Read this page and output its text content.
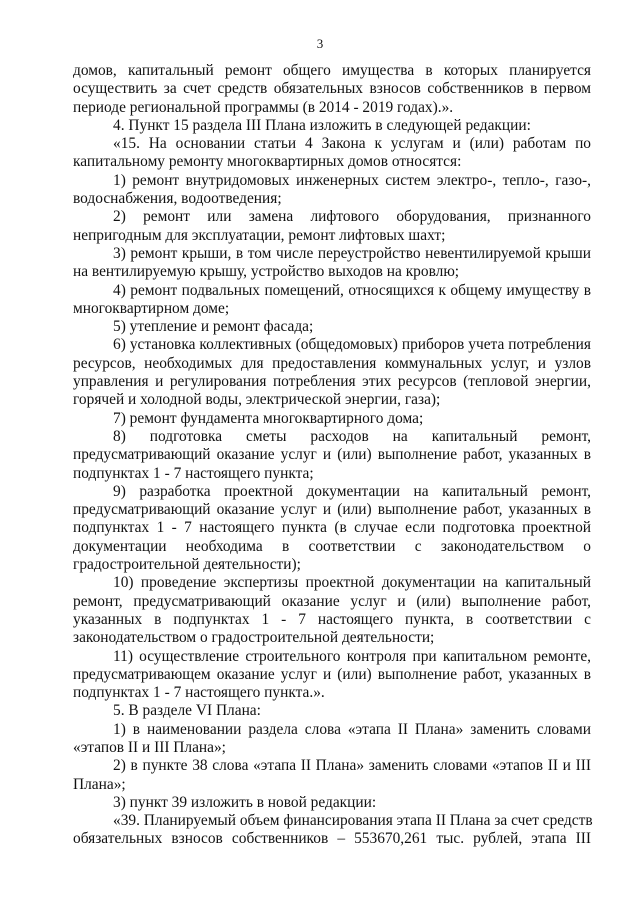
3
домов, капитальный ремонт общего имущества в которых планируется
осуществить за счет средств обязательных взносов собственников в первом
периоде региональной программы (в 2014 - 2019 годах).».
4. Пункт 15 раздела III Плана изложить в следующей редакции:
«15. На основании статьи 4 Закона к услугам и (или) работам по
капитальному ремонту многоквартирных домов относятся:
1) ремонт внутридомовых инженерных систем электро-, тепло-, газо-,
водоснабжения, водоотведения;
2) ремонт или замена лифтового оборудования, признанного
непригодным для эксплуатации, ремонт лифтовых шахт;
3) ремонт крыши, в том числе переустройство невентилируемой крыши
на вентилируемую крышу, устройство выходов на кровлю;
4) ремонт подвальных помещений, относящихся к общему имуществу в
многоквартирном доме;
5) утепление и ремонт фасада;
6) установка коллективных (общедомовых) приборов учета потребления
ресурсов, необходимых для предоставления коммунальных услуг, и узлов
управления и регулирования потребления этих ресурсов (тепловой энергии,
горячей и холодной воды, электрической энергии, газа);
7) ремонт фундамента многоквартирного дома;
8) подготовка сметы расходов на капитальный ремонт,
предусматривающий оказание услуг и (или) выполнение работ, указанных в
подпунктах 1 - 7 настоящего пункта;
9) разработка проектной документации на капитальный ремонт,
предусматривающий оказание услуг и (или) выполнение работ, указанных в
подпунктах 1 - 7 настоящего пункта (в случае если подготовка проектной
документации необходима в соответствии с законодательством о
градостроительной деятельности);
10) проведение экспертизы проектной документации на капитальный
ремонт, предусматривающий оказание услуг и (или) выполнение работ,
указанных в подпунктах 1 - 7 настоящего пункта, в соответствии с
законодательством о градостроительной деятельности;
11) осуществление строительного контроля при капитальном ремонте,
предусматривающем оказание услуг и (или) выполнение работ, указанных в
подпунктах 1 - 7 настоящего пункта.».
5. В разделе VI Плана:
1) в наименовании раздела слова «этапа II Плана» заменить словами
«этапов II и III Плана»;
2) в пункте 38 слова «этапа II Плана» заменить словами «этапов II и III
Плана»;
3) пункт 39 изложить в новой редакции:
«39. Планируемый объем финансирования этапа II Плана за счет средств
обязательных взносов собственников – 553670,261 тыс. рублей, этапа III
